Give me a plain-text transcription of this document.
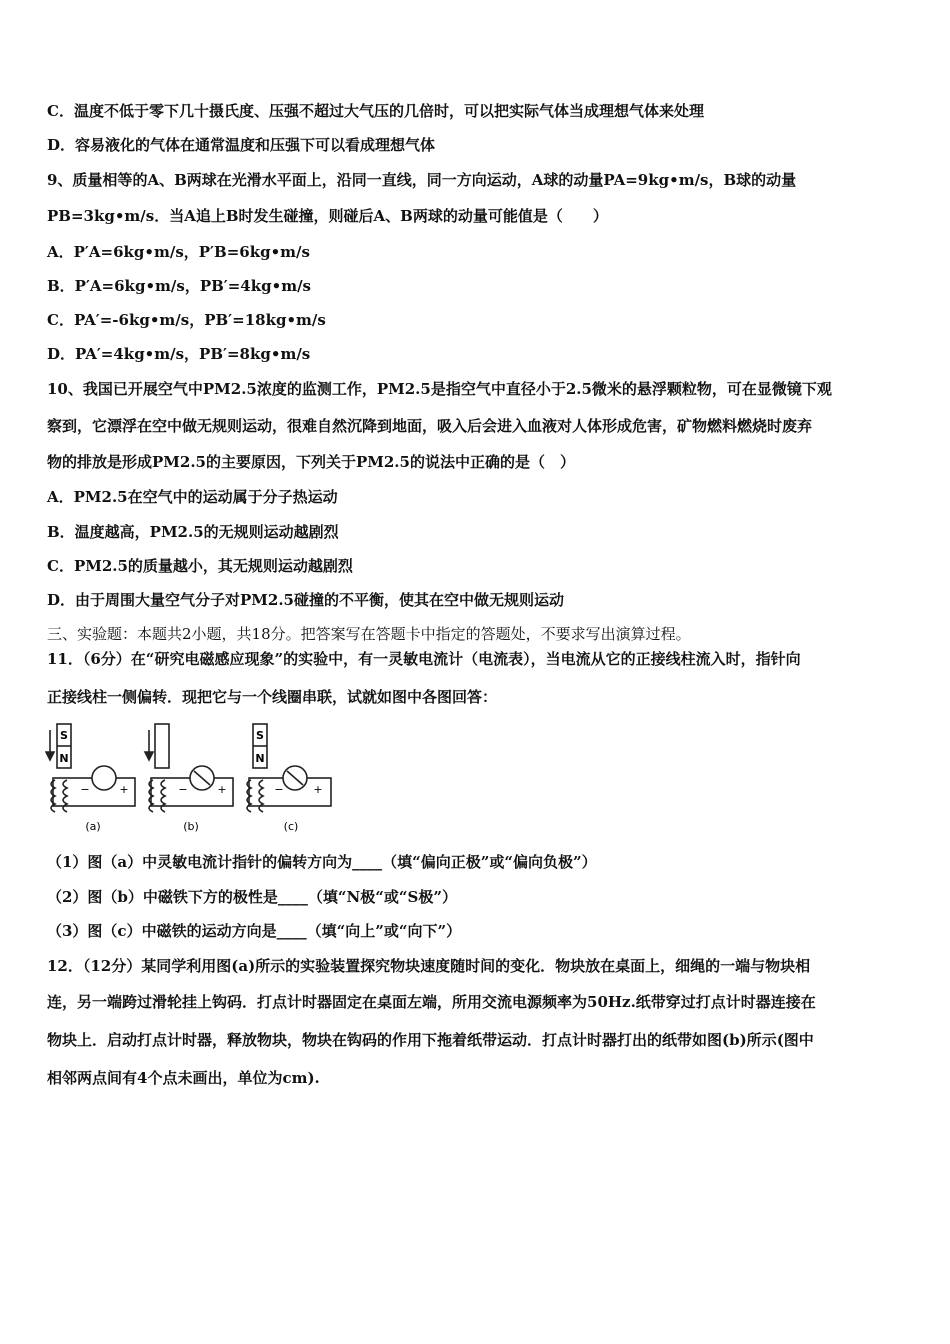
C．温度不低于零下几十摄氏度、压强不超过大气压的几倍时，可以把实际气体当成理想气体来处理
D．容易液化的气体在通常温度和压强下可以看成理想气体
9、质量相等的A、B两球在光滑水平面上，沿同一直线，同一方向运动，A球的动量PA=9kg•m/s，B球的动量
PB=3kg•m/s．当A追上B时发生碰撞，则碰后A、B两球的动量可能值是（　　）
A．P′A=6kg•m/s，P′B=6kg•m/s
B．P′A=6kg•m/s，PB′=4kg•m/s
C．PA′=-6kg•m/s，PB′=18kg•m/s
D．PA′=4kg•m/s，PB′=8kg•m/s
10、我国已开展空气中PM2.5浓度的监测工作，PM2.5是指空气中直径小于2.5微米的悬浮颗粒物，可在显微镜下观
察到，它漂浮在空中做无规则运动，很难自然沉降到地面，吸入后会进入血液对人体形成危害，矿物燃料燃烧时废弃
物的排放是形成PM2.5的主要原因，下列关于PM2.5的说法中正确的是（　）
A．PM2.5在空气中的运动属于分子热运动
B．温度越高，PM2.5的无规则运动越剧烈
C．PM2.5的质量越小，其无规则运动越剧烈
D．由于周围大量空气分子对PM2.5碰撞的不平衡，使其在空中做无规则运动
三、实验题：本题共2小题，共18分。把答案写在答题卡中指定的答题处，不要求写出演算过程。
11．（6分）在“研究电磁感应现象”的实验中，有一灵敏电流计（电流表），当电流从它的正接线柱流入时，指针向
正接线柱一侧偏转．现把它与一个线圈串联，试就如图中各图回答：
S
N
−	+
(a)
−	+
(b)
S
N
−	+
(c)
（1）图（a）中灵敏电流计指针的偏转方向为____（填“偏向正极”或“偏向负极”）
（2）图（b）中磁铁下方的极性是____（填“N极“或“S极”）
（3）图（c）中磁铁的运动方向是____（填“向上”或“向下”）
12．（12分）某同学利用图(a)所示的实验装置探究物块速度随时间的变化．物块放在桌面上，细绳的一端与物块相
连，另一端跨过滑轮挂上钩码．打点计时器固定在桌面左端，所用交流电源频率为50Hz.纸带穿过打点计时器连接在
物块上．启动打点计时器，释放物块，物块在钩码的作用下拖着纸带运动．打点计时器打出的纸带如图(b)所示(图中
相邻两点间有4个点未画出，单位为cm).
